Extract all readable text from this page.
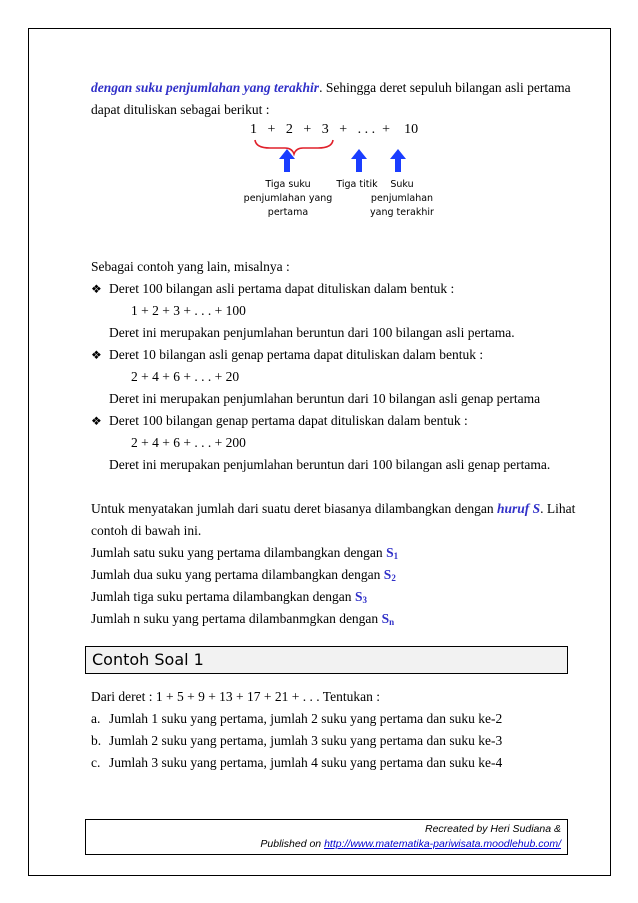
dengan suku penjumlahan yang terakhir. Sehingga deret sepuluh bilangan asli pertama
dapat dituliskan sebagai berikut :
1   +   2   +   3   +   . . .  +    10
Tiga suku
penjumlahan yang
pertama
Tiga titik	Suku
penjumlahan
yang terakhir
Sebagai contoh yang lain, misalnya :
❖ Deret 100 bilangan asli pertama dapat dituliskan dalam bentuk :
1 + 2 + 3 + . . . + 100
Deret ini merupakan penjumlahan beruntun dari 100 bilangan asli pertama.
❖ Deret 10 bilangan asli genap pertama dapat dituliskan dalam bentuk :
2 + 4 + 6 + . . . + 20
Deret ini merupakan penjumlahan beruntun dari 10 bilangan asli genap pertama
❖ Deret 100 bilangan genap pertama dapat dituliskan dalam bentuk :
2 + 4 + 6 + . . . + 200
Deret ini merupakan penjumlahan beruntun dari 100 bilangan asli genap pertama.
Untuk menyatakan jumlah dari suatu deret biasanya dilambangkan dengan huruf S. Lihat
contoh di bawah ini.
Jumlah satu suku yang pertama dilambangkan dengan $S_1$
Jumlah dua suku yang pertama dilambangkan dengan $S_2$
Jumlah tiga suku pertama dilambangkan dengan $S_3$
Jumlah n suku yang pertama dilambanmgkan dengan $S_n$
Contoh Soal 1
Dari deret : 1 + 5 + 9 + 13 + 17 + 21 + . . . Tentukan :
a. Jumlah 1 suku yang pertama, jumlah 2 suku yang pertama dan suku ke-2
b. Jumlah 2 suku yang pertama, jumlah 3 suku yang pertama dan suku ke-3
c. Jumlah 3 suku yang pertama, jumlah 4 suku yang pertama dan suku ke-4
Recreated by Heri Sudiana &
Published on http://www.matematika-pariwisata.moodlehub.com/
